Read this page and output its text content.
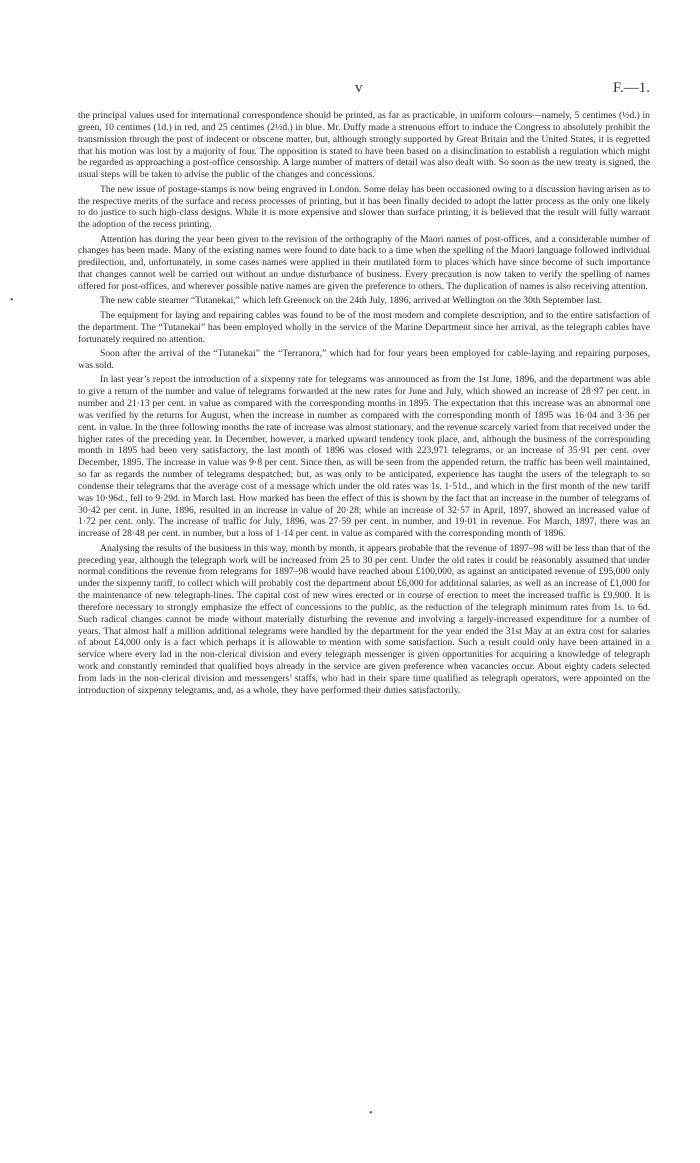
v	F.—1.
•

the principal values used for international correspondence should be printed, as far as practicable, in uniform colours—namely, 5 centimes (½d.) in green, 10 centimes (1d.) in red, and 25 centimes (2½d.) in blue. Mr. Duffy made a strenuous effort to induce the Congress to absolutely prohibit the transmission through the post of indecent or obscene matter, but, although strongly supported by Great Britain and the United States, it is regretted that his motion was lost by a majority of four. The opposition is stated to have been based on a disinclination to establish a regulation which might be regarded as approaching a post-office censorship. A large number of matters of detail was also dealt with. So soon as the new treaty is signed, the usual steps will be taken to advise the public of the changes and concessions.

The new issue of postage-stamps is now being engraved in London. Some delay has been occasioned owing to a discussion having arisen as to the respective merits of the surface and recess processes of printing, but it has been finally decided to adopt the latter process as the only one likely to do justice to such high-class designs. While it is more expensive and slower than surface printing, it is believed that the result will fully warrant the adoption of the recess printing.

Attention has during the year been given to the revision of the orthography of the Maori names of post-offices, and a considerable number of changes has been made. Many of the existing names were found to date back to a time when the spelling of the Maori language followed individual predilection, and, unfortunately, in some cases names were applied in their mutilated form to places which have since become of such importance that changes cannot well be carried out without an undue disturbance of business. Every precaution is now taken to verify the spelling of names offered for post-offices, and wherever possible native names are given the preference to others. The duplication of names is also receiving attention.

The new cable steamer “Tutanekai,” which left Greenock on the 24th July, 1896, arrived at Wellington on the 30th September last.

The equipment for laying and repairing cables was found to be of the most modern and complete description, and to the entire satisfaction of the department. The “Tutanekai” has been employed wholly in the service of the Marine Department since her arrival, as the telegraph cables have fortunately required no attention.

Soon after the arrival of the “Tutanekai” the “Terranora,” which had for four years been employed for cable-laying and repairing purposes, was sold.

In last year’s report the introduction of a sixpenny rate for telegrams was announced as from the 1st June, 1896, and the department was able to give a return of the number and value of telegrams forwarded at the new rates for June and July, which showed an increase of 28·97 per cent. in number and 21·13 per cent. in value as compared with the corresponding months in 1895. The expectation that this increase was an abnormal one was verified by the returns for August, when the increase in number as compared with the corresponding month of 1895 was 16·04 and 3·36 per cent. in value. In the three following months the rate of increase was almost stationary, and the revenue scarcely varied from that received under the higher rates of the preceding year. In December, however, a marked upward tendency took place, and, although the business of the corresponding month in 1895 had been very satisfactory, the last month of 1896 was closed with 223,971 telegrams, or an increase of 35·91 per cent. over December, 1895. The increase in value was 9·8 per cent. Since then, as will be seen from the appended return, the traffic has been well maintained, so far as regards the number of telegrams despatched; but, as was only to be anticipated, experience has taught the users of the telegraph to so condense their telegrams that the average cost of a message which under the old rates was 1s. 1·51d., and which in the first month of the new tariff was 10·96d., fell to 9·29d. in March last. How marked has been the effect of this is shown by the fact that an increase in the number of telegrams of 30·42 per cent. in June, 1896, resulted in an increase in value of 20·28; while an increase of 32·57 in April, 1897, showed an increased value of 1·72 per cent. only. The increase of traffic for July, 1896, was 27·59 per cent. in number, and 19·01 in revenue. For March, 1897, there was an increase of 28·48 per cent. in number, but a loss of 1·14 per cent. in value as compared with the corresponding month of 1896.

Analysing the results of the business in this way, month by month, it appears probable that the revenue of 1897–98 will be less than that of the preceding year, although the telegraph work will be increased from 25 to 30 per cent. Under the old rates it could be reasonably assumed that under normal conditions the revenue from telegrams for 1897–98 would have reached about £100,000, as against an anticipated revenue of £95,000 only under the sixpenny tariff, to collect which will probably cost the department about £6,000 for additional salaries, as well as an increase of £1,000 for the maintenance of new telegraph-lines. The capital cost of new wires erected or in course of erection to meet the increased traffic is £9,900. It is therefore necessary to strongly emphasize the effect of concessions to the public, as the reduction of the telegraph minimum rates from 1s. to 6d. Such radical changes cannot be made without materially disturbing the revenue and involving a largely-increased expenditure for a number of years. That almost half a million additional telegrams were handled by the department for the year ended the 31st May at an extra cost for salaries of about £4,000 only is a fact which perhaps it is allowable to mention with some satisfaction. Such a result could only have been attained in a service where every lad in the non-clerical division and every telegraph messenger is given opportunities for acquiring a knowledge of telegraph work and constantly reminded that qualified boys already in the service are given preference when vacancies occur. About eighty cadets selected from lads in the non-clerical division and messengers’ staffs, who had in their spare time qualified as telegraph operators, were appointed on the introduction of sixpenny telegrams, and, as a whole, they have performed their duties satisfactorily.

•
